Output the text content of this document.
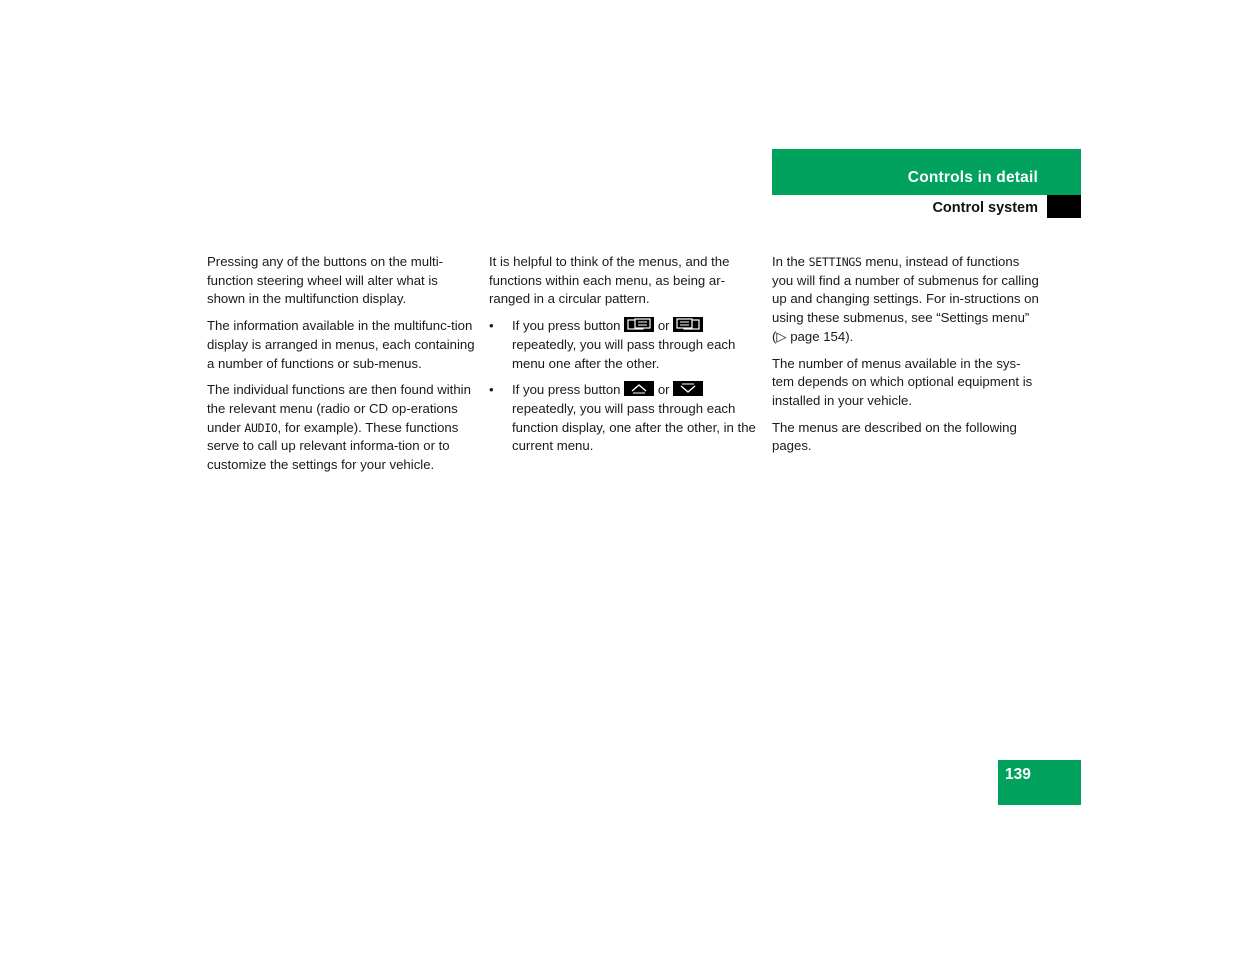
Controls in detail
Control system

Pressing any of the buttons on the multi-function steering wheel will alter what is shown in the multifunction display.

The information available in the multifunc-tion display is arranged in menus, each containing a number of functions or sub-menus.

The individual functions are then found within the relevant menu (radio or CD op-erations under AUDIO, for example). These functions serve to call up relevant informa-tion or to customize the settings for your vehicle.

It is helpful to think of the menus, and the functions within each menu, as being ar-ranged in a circular pattern.

• If you press button	or
repeatedly, you will pass through each menu one after the other.
• If you press button	or
repeatedly, you will pass through each function display, one after the other, in the current menu.

In the SETTINGS menu, instead of functions you will find a number of submenus for calling up and changing settings. For in-structions on using these submenus, see “Settings menu” (▷ page 154).

The number of menus available in the sys-tem depends on which optional equipment is installed in your vehicle.

The menus are described on the following pages.

139
